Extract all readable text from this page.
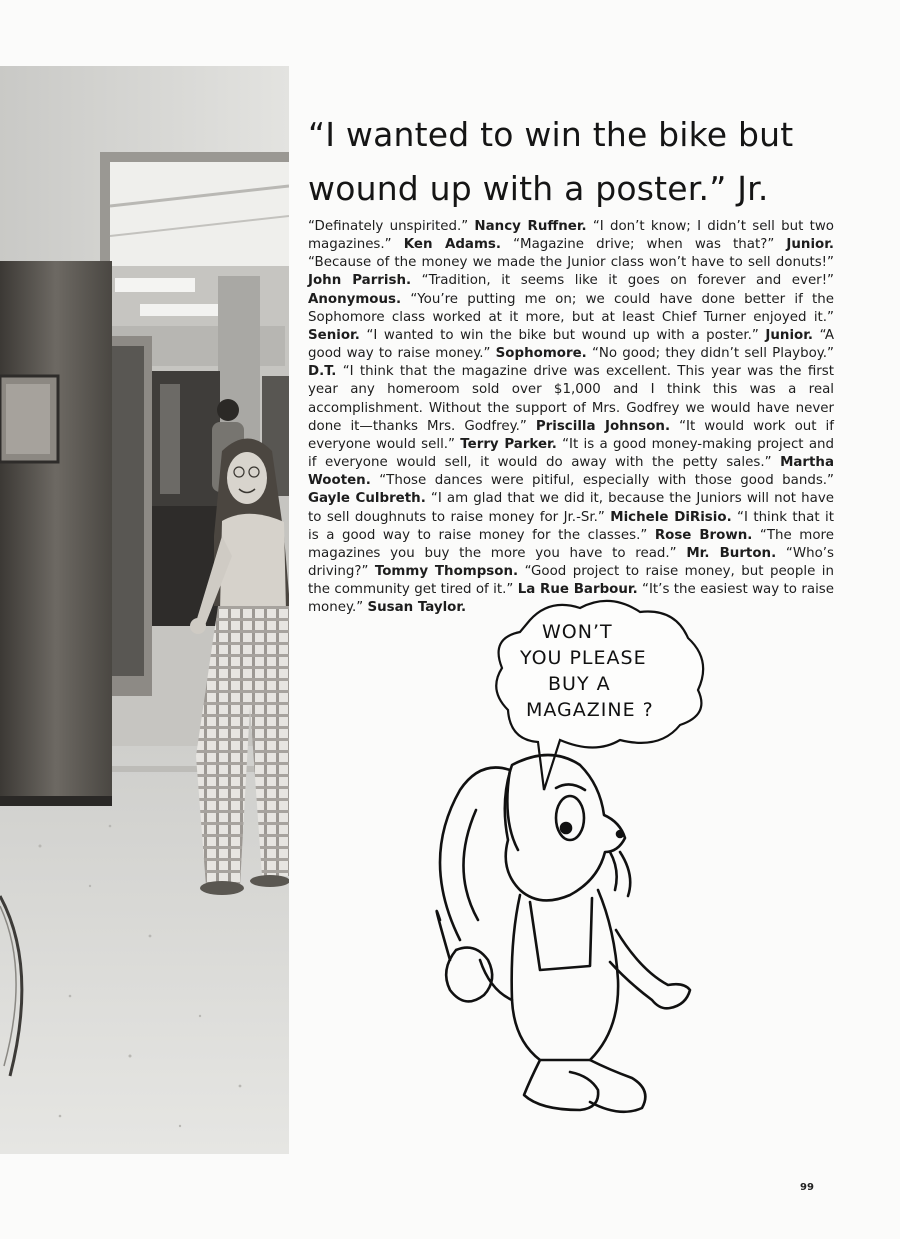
“I wanted to win the bike but
wound up with a poster.” Jr.

“Definately unspirited.” Nancy Ruffner. “I don’t know; I didn’t sell but two magazines.” Ken Adams. “Magazine drive; when was that?” Junior. “Because of the money we made the Junior class won’t have to sell donuts!” John Parrish. “Tradition, it seems like it goes on forever and ever!” Anonymous. “You’re putting me on; we could have done better if the Sophomore class worked at it more, but at least Chief Turner enjoyed it.” Senior. “I wanted to win the bike but wound up with a poster.” Junior. “A good way to raise money.” Sophomore. “No good; they didn’t sell Playboy.” D.T. “I think that the magazine drive was excellent. This year was the first year any homeroom sold over $1,000 and I think this was a real accomplishment. Without the support of Mrs. Godfrey we would have never done it—thanks Mrs. Godfrey.” Priscilla Johnson. “It would work out if everyone would sell.” Terry Parker. “It is a good money-making project and if everyone would sell, it would do away with the petty sales.” Martha Wooten. “Those dances were pitiful, especially with those good bands.” Gayle Culbreth. “I am glad that we did it, because the Juniors will not have to sell doughnuts to raise money for Jr.-Sr.” Michele DiRisio. “I think that it is a good way to raise money for the classes.” Rose Brown. “The more magazines you buy the more you have to read.” Mr. Burton. “Who’s driving?” Tommy Thompson. “Good project to raise money, but people in the community get tired of it.” La Rue Barbour. “It’s the easiest way to raise money.” Susan Taylor.

WON’T
YOU PLEASE
BUY A
MAGAZINE ?
99
